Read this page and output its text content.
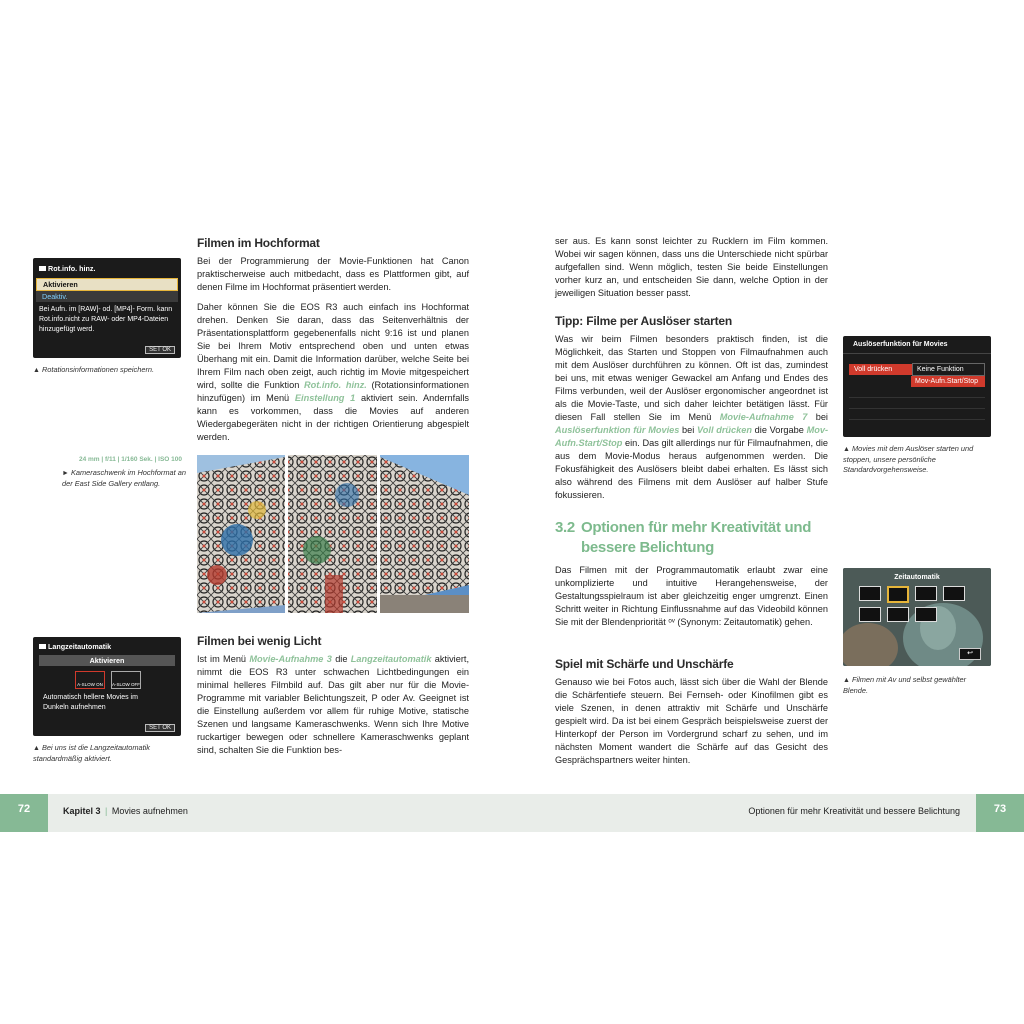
Rot.info. hinz.
Aktivieren
Deaktiv.
Bei Aufn. im [RAW]- od. [MP4]- Form. kann Rot.info.nicht zu RAW- oder MP4-Dateien hinzugefügt werd.
SET OK
▲ Rotationsinformationen speichern.
Filmen im Hochformat
Bei der Programmierung der Movie-Funktionen hat Canon praktischerweise auch mitbedacht, dass es Plattformen gibt, auf denen Filme im Hochformat präsentiert werden.
Daher können Sie die EOS R3 auch einfach ins Hochformat drehen. Denken Sie daran, dass das Seitenverhältnis der Präsentationsplattform gegebenenfalls nicht 9:16 ist und planen Sie bei Ihrem Motiv entsprechend oben und unten etwas Überhang mit ein. Damit die Information darüber, welche Seite bei Ihrem Film nach oben zeigt, auch richtig im Movie mitgespeichert wird, sollte die Funktion Rot.info. hinz. (Rotationsinformationen hinzufügen) im Menü Einstellung 1 aktiviert sein. Andernfalls kann es vorkommen, dass die Movies auf anderen Wiedergabegeräten nicht in der richtigen Orientierung abgespielt werden.
24 mm | f/11 | 1/160 Sek. | ISO 100
► Kameraschwenk im Hochformat an der East Side Gallery entlang.
Langzeitautomatik
Aktivieren
A-SLOW ON	A-SLOW OFF
Automatisch hellere Movies im Dunkeln aufnehmen
SET OK
▲ Bei uns ist die Langzeitautomatik standardmäßig aktiviert.
Filmen bei wenig Licht
Ist im Menü Movie-Aufnahme 3 die Langzeitautomatik aktiviert, nimmt die EOS R3 unter schwachen Lichtbedingungen ein minimal helleres Filmbild auf. Das gilt aber nur für die Movie-Programme mit variabler Belichtungszeit, P oder Av. Geeignet ist die Einstellung außerdem vor allem für ruhige Motive, statische Szenen und langsame Kameraschwenks. Wenn sich Ihre Motive ruckartiger bewegen oder schnellere Kameraschwenks geplant sind, schalten Sie die Funktion bes-
ser aus. Es kann sonst leichter zu Rucklern im Film kommen. Wobei wir sagen können, dass uns die Unterschiede nicht spürbar aufgefallen sind. Wenn möglich, testen Sie beide Einstellungen vorher kurz an, und entscheiden Sie dann, welche Option in der jeweiligen Situation besser passt.
Tipp: Filme per Auslöser starten
Was wir beim Filmen besonders praktisch finden, ist die Möglichkeit, das Starten und Stoppen von Filmaufnahmen auch mit dem Auslöser durchführen zu können. Oft ist das, zumindest bei uns, mit etwas weniger Gewackel am Anfang und Endes des Films verbunden, weil der Auslöser ergonomischer angeordnet ist als die Movie-Taste, und sich daher leichter betätigen lässt. Für diesen Fall stellen Sie im Menü Movie-Aufnahme 7 bei Auslöserfunktion für Movies bei Voll drücken die Vorgabe Mov-Aufn.Start/Stop ein. Das gilt allerdings nur für Filmaufnahmen, die aus dem Movie-Modus heraus aufgenommen werden. Die Fokusfähigkeit des Auslösers bleibt dabei erhalten. Es lässt sich also während des Filmens mit dem Auslöser auf halber Stufe fokussieren.
3.2 Optionen für mehr Kreativität und
bessere Belichtung
Das Filmen mit der Programmautomatik erlaubt zwar eine unkomplizierte und intuitive Herangehensweise, der Gestaltungsspielraum ist aber gleichzeitig enger umgrenzt. Einen Schritt weiter in Richtung Einflussnahme auf das Videobild können Sie mit der Blendenpriorität ᵒᵛ (Synonym: Zeitautomatik) gehen.
Spiel mit Schärfe und Unschärfe
Genauso wie bei Fotos auch, lässt sich über die Wahl der Blende die Schärfentiefe steuern. Bei Fernseh- oder Kinofilmen gibt es viele Szenen, in denen attraktiv mit Schärfe und Unschärfe gespielt wird. Da ist bei einem Gespräch beispielsweise zuerst der Hinterkopf der Person im Vordergrund scharf zu sehen, und im nächsten Moment wandert die Schärfe auf das Gesicht des Gesprächspartners weiter hinten.
Auslöserfunktion für Movies
Voll drücken	Keine Funktion
Mov-Aufn.Start/Stop
▲ Movies mit dem Auslöser starten und stoppen, unsere persönliche Standardvorgehensweise.
Zeitautomatik
↩
▲ Filmen mit Av und selbst gewählter Blende.
72	Kapitel 3 | Movies aufnehmen	Optionen für mehr Kreativität und bessere Belichtung	73
